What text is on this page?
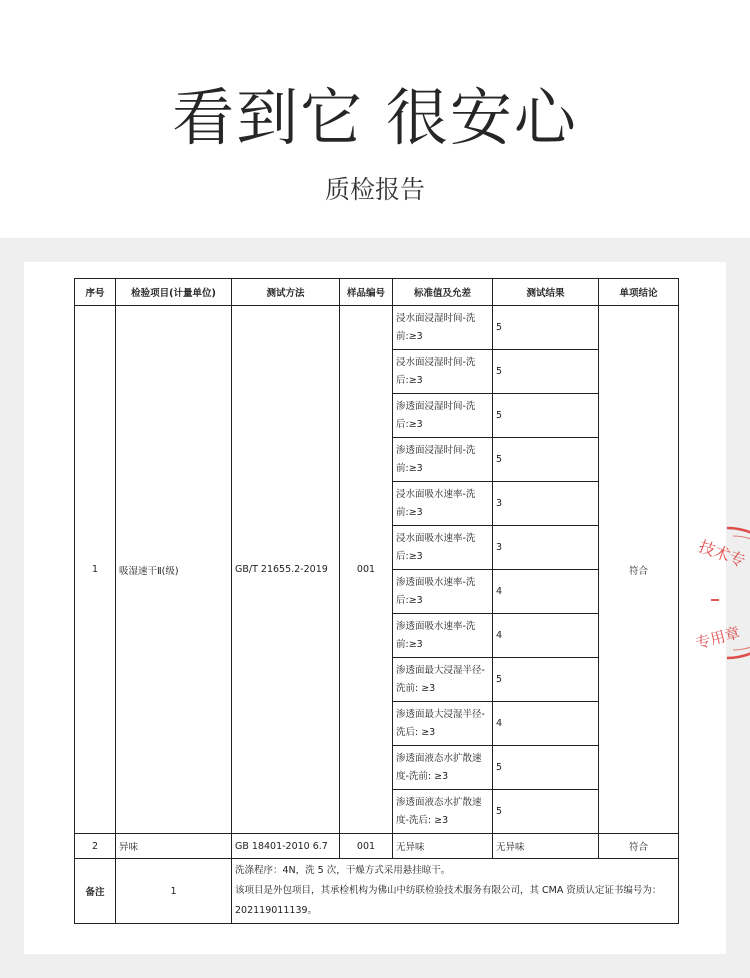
看到它 很安心
质检报告
序号	检验项目(计量单位)	测试方法	样品编号	标准值及允差	测试结果	单项结论
1	吸湿速干Ⅱ(级)	GB/T 21655.2-2019	001	浸水面浸湿时间-洗前:≥3	5	符合
				浸水面浸湿时间-洗后:≥3	5	
				渗透面浸湿时间-洗后:≥3	5	
				渗透面浸湿时间-洗前:≥3	5	
				浸水面吸水速率-洗前:≥3	3	
				浸水面吸水速率-洗后:≥3	3	
				渗透面吸水速率-洗后:≥3	4	
				渗透面吸水速率-洗前:≥3	4	
				渗透面最大浸湿半径-洗前: ≥3	5	
				渗透面最大浸湿半径-洗后: ≥3	4	
				渗透面液态水扩散速度-洗前: ≥3	5	
				渗透面液态水扩散速度-洗后: ≥3	5	
2	异味	GB 18401-2010 6.7	001	无异味	无异味	符合
备注	1	洗涤程序：4N，洗 5 次，干燥方式采用悬挂晾干。
该项目是外包项目，其承检机构为佛山中纺联检验技术服务有限公司，其 CMA 资质认定证书编号为：
202119011139。				
技术专
专用章
